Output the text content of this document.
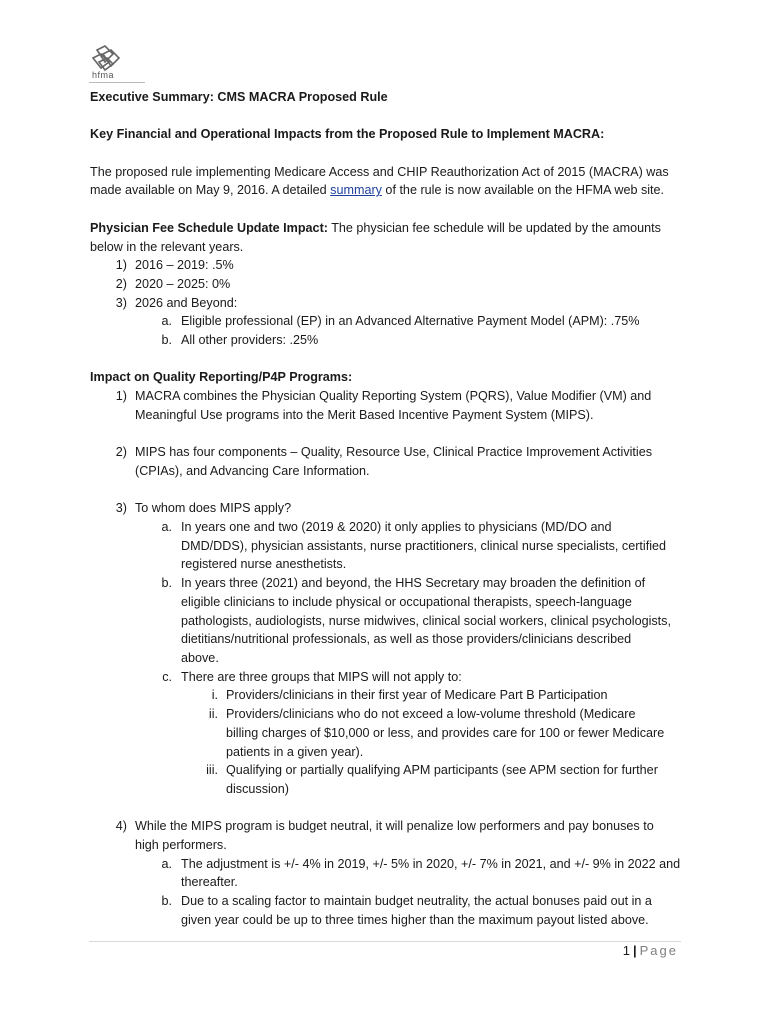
hfma

Executive Summary: CMS MACRA Proposed Rule

Key Financial and Operational Impacts from the Proposed Rule to Implement MACRA:

The proposed rule implementing Medicare Access and CHIP Reauthorization Act of 2015 (MACRA) was

made available on May 9, 2016. A detailed summary of the rule is now available on the HFMA web site.

Physician Fee Schedule Update Impact: The physician fee schedule will be updated by the amounts

below in the relevant years.

1) 2016 – 2019: .5%
2) 2020 – 2025: 0%
3) 2026 and Beyond:
a. Eligible professional (EP) in an Advanced Alternative Payment Model (APM): .75%
b. All other providers: .25%

Impact on Quality Reporting/P4P Programs:

1) MACRA combines the Physician Quality Reporting System (PQRS), Value Modifier (VM) and
Meaningful Use programs into the Merit Based Incentive Payment System (MIPS).
2) MIPS has four components – Quality, Resource Use, Clinical Practice Improvement Activities
(CPIAs), and Advancing Care Information.
3) To whom does MIPS apply?
a. In years one and two (2019 & 2020) it only applies to physicians (MD/DO and
DMD/DDS), physician assistants, nurse practitioners, clinical nurse specialists, certified
registered nurse anesthetists.
b. In years three (2021) and beyond, the HHS Secretary may broaden the definition of
eligible clinicians to include physical or occupational therapists, speech-language
pathologists, audiologists, nurse midwives, clinical social workers, clinical psychologists,
dietitians/nutritional professionals, as well as those providers/clinicians described
above.
c. There are three groups that MIPS will not apply to:
i. Providers/clinicians in their first year of Medicare Part B Participation
ii. Providers/clinicians who do not exceed a low-volume threshold (Medicare
billing charges of $10,000 or less, and provides care for 100 or fewer Medicare
patients in a given year).
iii. Qualifying or partially qualifying APM participants (see APM section for further
discussion)
4) While the MIPS program is budget neutral, it will penalize low performers and pay bonuses to
high performers.
a. The adjustment is +/- 4% in 2019, +/- 5% in 2020, +/- 7% in 2021, and +/- 9% in 2022 and
thereafter.
b. Due to a scaling factor to maintain budget neutrality, the actual bonuses paid out in a
given year could be up to three times higher than the maximum payout listed above.
1 | Page
